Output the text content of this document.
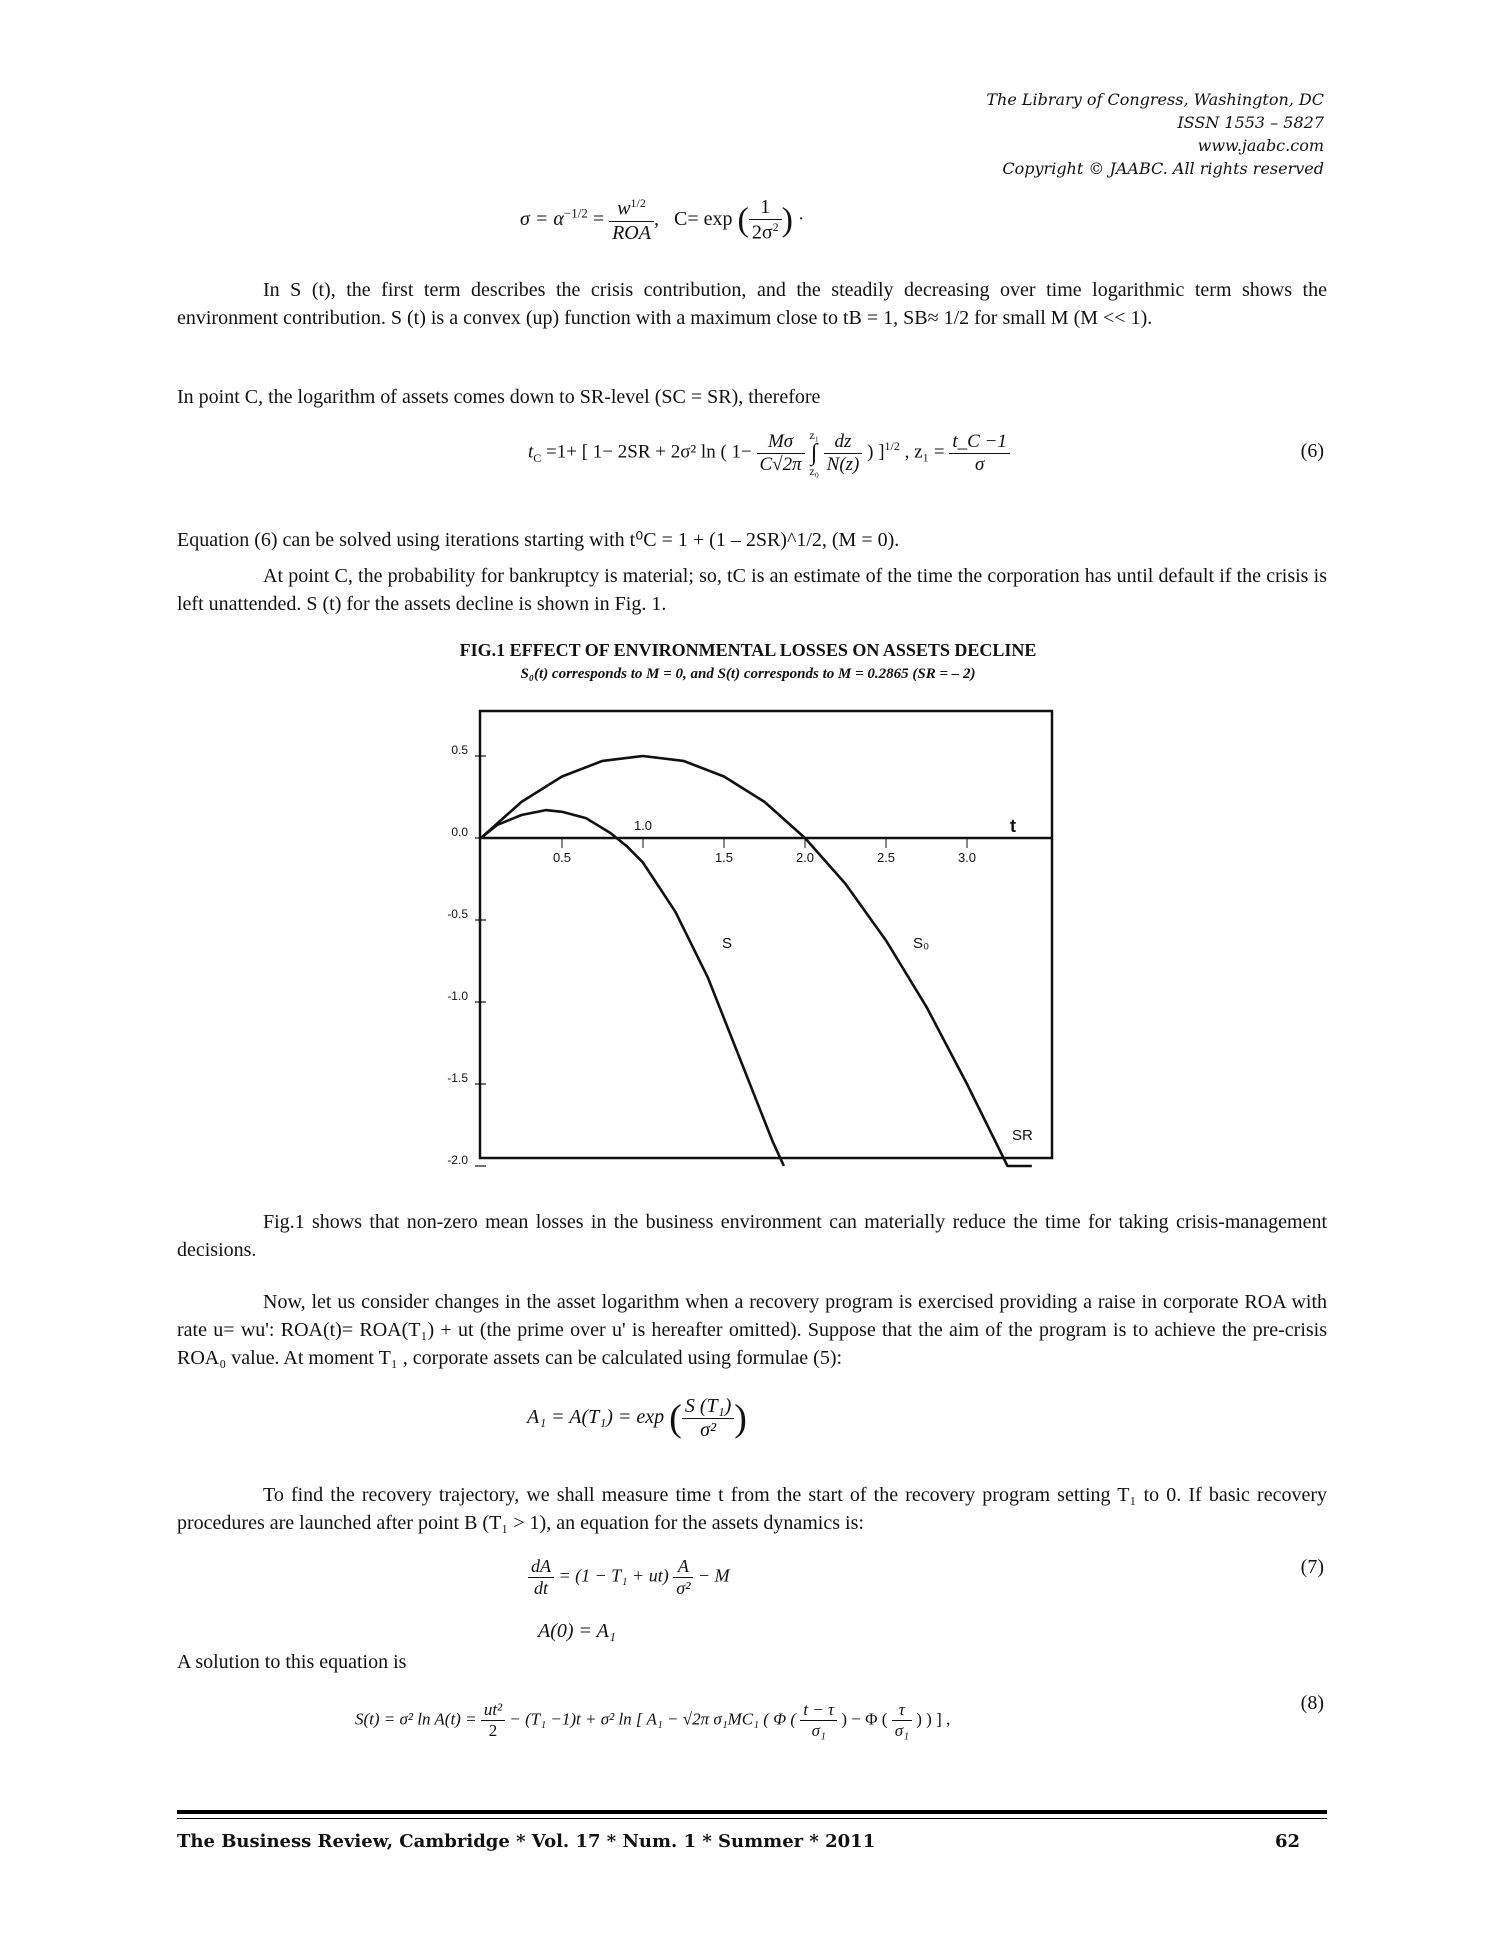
The Library of Congress, Washington, DC
ISSN 1553 – 5827
www.jaabc.com
Copyright © JAABC. All rights reserved
$\sigma = \alpha^{-1/2} = \frac{w^{1/2}}{\text{ROA}}$ , C= exp ( $\frac{1}{2\sigma^2}$ ) ·

In S (t), the first term describes the crisis contribution, and the steadily decreasing over time logarithmic term shows the environment contribution. S (t) is a convex (up) function with a maximum close to tB = 1, SB≈ 1/2 for small M (M << 1).

In point C, the logarithm of assets comes down to SR-level (SC = SR), therefore

$t_C =1+$ [ 1− 2SR + 2σ² ln ( $1- \frac{M\sigma}{C√2\pi}$
z₁
∫
z₀
$\frac{dz}{N(z)}$ ) ]$^{1/2}$ , $z_1 = \frac{t\_C -1}{\sigma}$	(6)

Equation (6) can be solved using iterations starting with t⁰C = 1 + (1 – 2SR)^1/2, (M = 0).

At point C, the probability for bankruptcy is material; so, tC is an estimate of the time the corporation has until default if the crisis is left unattended. S (t) for the assets decline is shown in Fig. 1.

FIG.1 EFFECT OF ENVIRONMENTAL LOSSES ON ASSETS DECLINE
S₀(t) corresponds to M = 0, and S(t) corresponds to M = 0.2865 (SR = – 2)
0.5
1.0
1.5	2.0	2.5	3.0
0.5
0.0
-0.5
-1.0
-1.5
-2.0
t
S	S₀
SR

Fig.1 shows that non-zero mean losses in the business environment can materially reduce the time for taking crisis-management decisions.

Now, let us consider changes in the asset logarithm when a recovery program is exercised providing a raise in corporate ROA with rate u= wu': ROA(t)= ROA(T₁) + ut (the prime over u' is hereafter omitted). Suppose that the aim of the program is to achieve the pre-crisis ROA₀ value. At moment T₁ , corporate assets can be calculated using formulae (5):

A₁ = A(T₁) = exp ( $\frac{\text{S (T₁)}}{\text{σ²}}$ )

To find the recovery trajectory, we shall measure time t from the start of the recovery program setting T₁ to 0. If basic recovery procedures are launched after point B (T₁ > 1), an equation for the assets dynamics is:

$\frac{dA}{dt} = (1 - T_1 + ut) \frac{A}{\text{σ²}} - M$	(7)
A(0) = A₁

A solution to this equation is

S(t) = σ² $\ln A(t) = \frac{\text{ut²}}{2} - (T_1 -1)t + \sigma^2$ ln [ A₁ − √2π σ₁MC₁ ( Φ ( $\frac{t - \tau}{\text{σ₁}}$ ) − Φ ( $\frac{\tau}{\text{σ₁}}$ ) ) ] ,
(8)
The Business Review, Cambridge * Vol. 17 * Num. 1 * Summer * 2011	62
